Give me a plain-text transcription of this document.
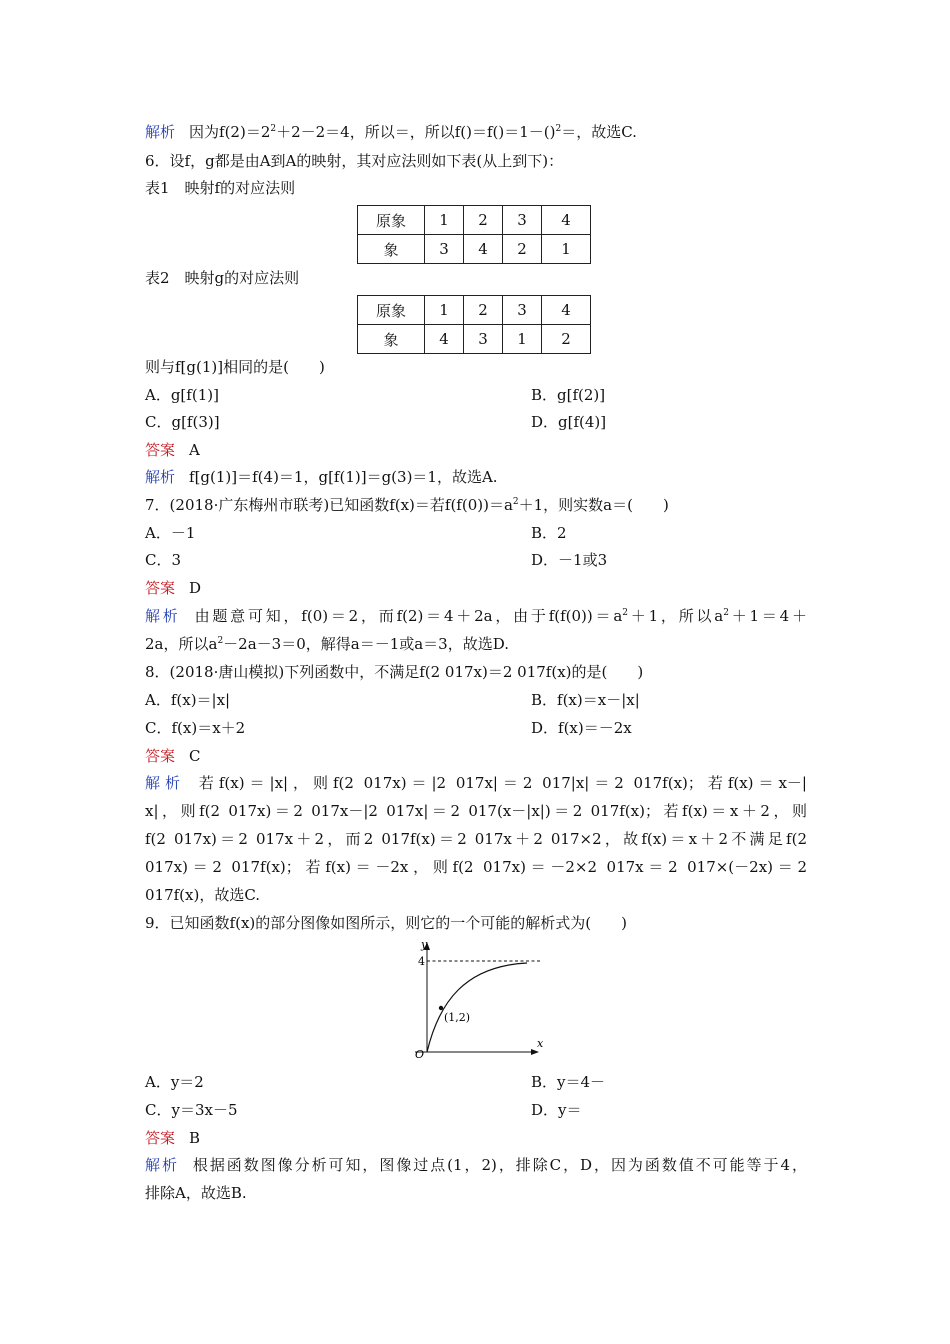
解析 因为$f(2)=2^2+2-2=4$，所以＝，所以f()＝f()＝1－()$^2$＝，故选C.
6．设f，g都是由A到A的映射，其对应法则如下表(从上到下)：
表1　映射f的对应法则
原象	1	2	3	4
象	3	4	2	1
表2　映射g的对应法则
原象	1	2	3	4
象	4	3	1	2
则与f[g(1)]相同的是(　　)
A．g[f(1)]	B．g[f(2)]
C．g[f(3)]	D．g[f(4)]
答案 A
解析 f[g(1)]＝f(4)＝1，g[f(1)]＝g(3)＝1，故选A.
7．(2018·广东梅州市联考)已知函数f(x)＝若$f(f(0))=a^2+1$，则实数a＝(　　)
A．－1	B．2
C．3	D．－1或3
答案 D
解析 由题意可知，f(0)＝2，而f(2)＝4＋2a，由于$f(f(0))=a^2+1$，所以$a^2+1=4+$
2a，所以$a^2-2a-3=0$，解得a＝－1或a＝3，故选D.
8．(2018·唐山模拟)下列函数中，不满足f(2 017x)＝2 017f(x)的是(　　)
A．f(x)＝|x|	B．f(x)＝x－|x|
C．f(x)＝x＋2	D．f(x)＝－2x
答案 C
解析 若f(x)＝|x|，则f(2 017x)＝|2 017x|＝2 017|x|＝2 017f(x)；若f(x)＝x－|
x|，则f(2 017x)＝2 017x－|2 017x|＝2 017(x－|x|)＝2 017f(x)；若f(x)＝x＋2，则
f(2 017x)＝2 017x＋2，而2 017f(x)＝2 017x＋2 017×2，故f(x)＝x＋2不满足f(2
017x)＝2 017f(x)；若f(x)＝－2x，则f(2 017x)＝－2×2 017x＝2 017×(－2x)＝2
017f(x)，故选C.
9．已知函数f(x)的部分图像如图所示，则它的一个可能的解析式为(　　)
(1,2)
y
x
4
O
A．y＝2	B．y＝4－
C．y＝3x－5	D．y＝
答案 B
解析 根据函数图像分析可知，图像过点(1，2)，排除C，D，因为函数值不可能等于4，
排除A，故选B.
